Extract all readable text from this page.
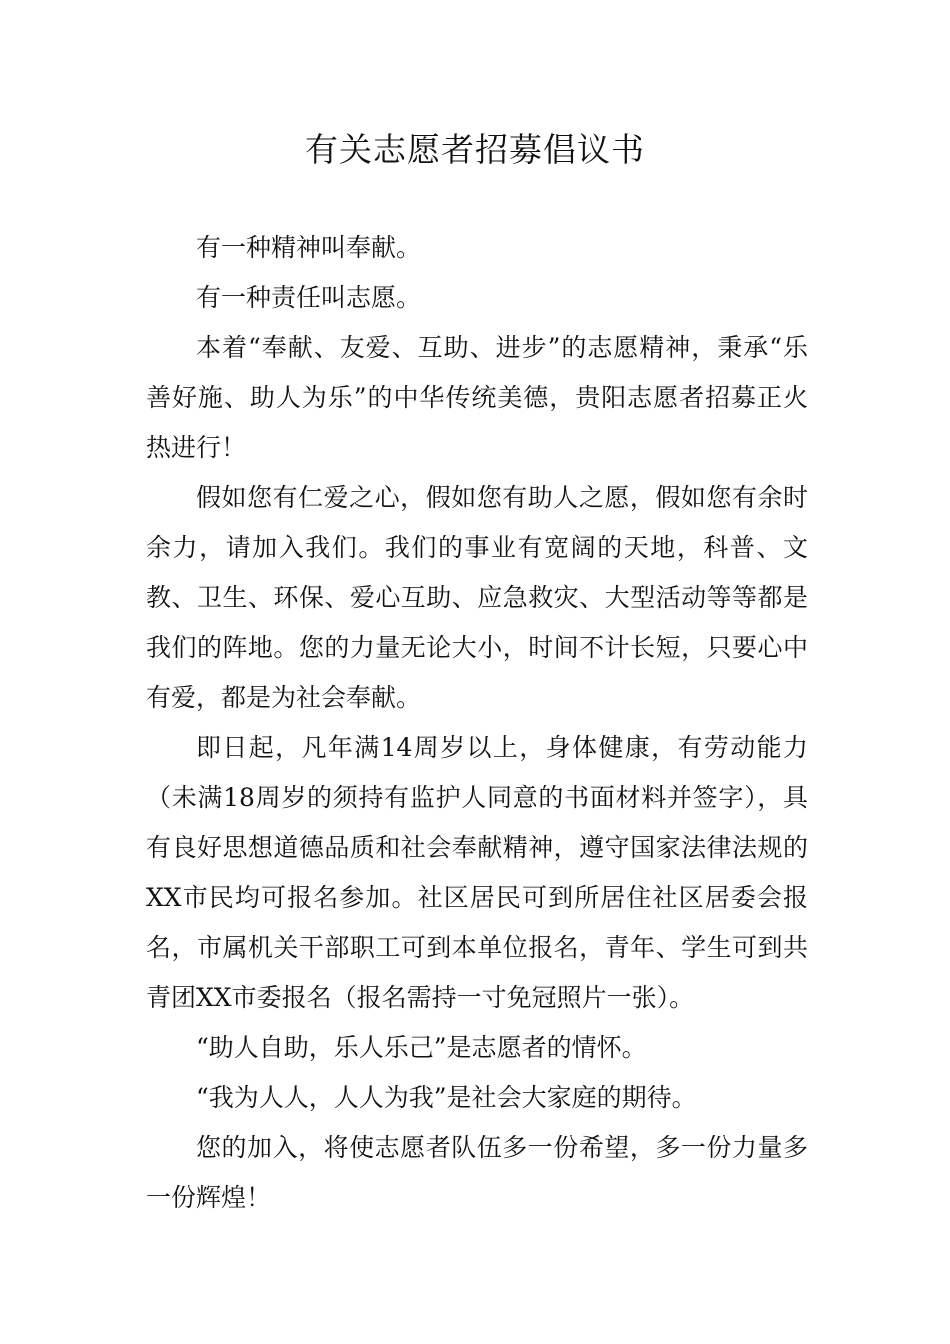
有关志愿者招募倡议书

有一种精神叫奉献。

有一种责任叫志愿。

本着“奉献、友爱、互助、进步”的志愿精神，秉承“乐善好施、助人为乐”的中华传统美德，贵阳志愿者招募正火热进行！

假如您有仁爱之心，假如您有助人之愿，假如您有余时余力，请加入我们。我们的事业有宽阔的天地，科普、文教、卫生、环保、爱心互助、应急救灾、大型活动等等都是我们的阵地。您的力量无论大小，时间不计长短，只要心中有爱，都是为社会奉献。

即日起，凡年满14周岁以上，身体健康，有劳动能力（未满18周岁的须持有监护人同意的书面材料并签字），具有良好思想道德品质和社会奉献精神，遵守国家法律法规的XX市民均可报名参加。社区居民可到所居住社区居委会报名，市属机关干部职工可到本单位报名，青年、学生可到共青团XX市委报名（报名需持一寸免冠照片一张）。

“助人自助，乐人乐己”是志愿者的情怀。

“我为人人，人人为我”是社会大家庭的期待。

您的加入，将使志愿者队伍多一份希望，多一份力量多一份辉煌！
